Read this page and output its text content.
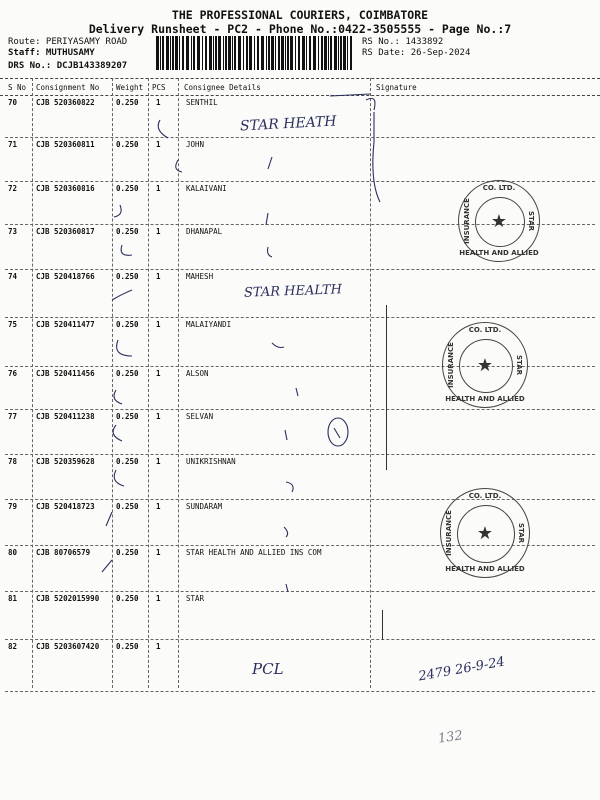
THE PROFESSIONAL COURIERS, COIMBATORE
Delivery Runsheet - PC2 - Phone No.:0422-3505555 - Page No.:7
Route: PERIYASAMY ROAD
Staff: MUTHUSAMY
DRS No.: DCJB143389207
RS No.: 1433892
RS Date: 26-Sep-2024
S No Consignment No Weight PCS Consignee Details	Signature
70	CJB 520360822	0.250 1	SENTHIL
71	CJB 520360811	0.250 1	JOHN
72	CJB 520360816	0.250 1	KALAIVANI
73	CJB 520360817	0.250 1	DHANAPAL
74	CJB 520418766	0.250 1	MAHESH
75	CJB 520411477	0.250 1	MALAIYANDI
76	CJB 520411456	0.250 1	ALSON
77	CJB 520411238	0.250 1	SELVAN
78	CJB 520359628	0.250 1	UNIKRISHNAN
79	CJB 520418723	0.250 1	SUNDARAM
80	CJB 80706579	0.250 1	STAR HEALTH AND ALLIED INS COM
81	CJB 5202015990 0.250 1	STAR
82	CJB 5203607420 0.250 1
STAR HEATH
STAR HEALTH
PCL	2479 26-9-24
132
★
CO. LTD.
HEALTH AND ALLIED
INSURANCE	STAR
★
CO. LTD.
HEALTH AND ALLIED
INSURANCE	STAR
★
CO. LTD.
HEALTH AND ALLIED
INSURANCE	STAR
